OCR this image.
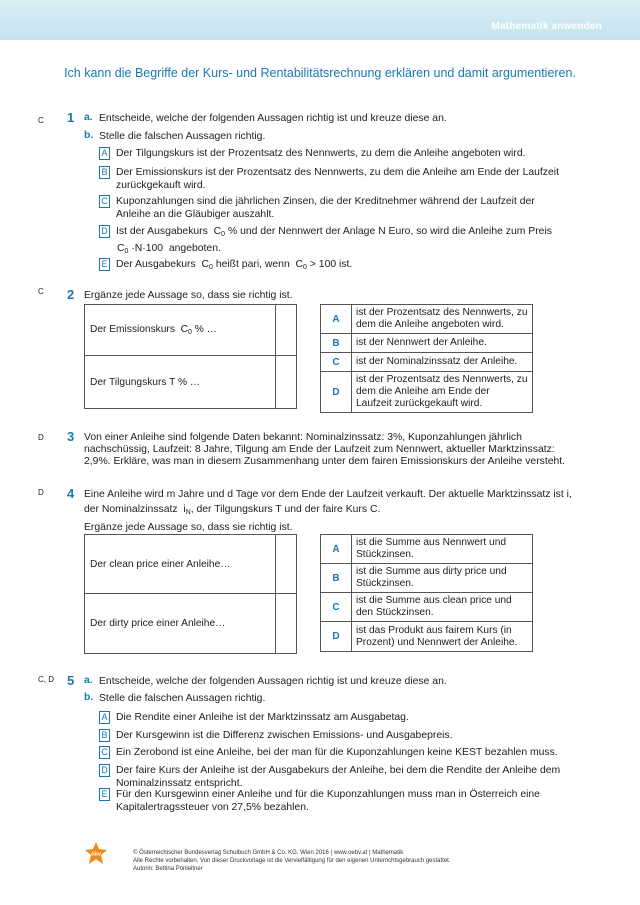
Mathematik anwenden
Ich kann die Begriffe der Kurs- und Rentabilitätsrechnung erklären und damit argumentieren.
C 1 a. Entscheide, welche der folgenden Aussagen richtig ist und kreuze diese an.
b. Stelle die falschen Aussagen richtig.
A Der Tilgungskurs ist der Prozentsatz des Nennwerts, zu dem die Anleihe angeboten wird.
B Der Emissionskurs ist der Prozentsatz des Nennwerts, zu dem die Anleihe am Ende der Laufzeit
zurückgekauft wird.
C Kuponzahlungen sind die jährlichen Zinsen, die der Kreditnehmer während der Laufzeit der
Anleihe an die Gläubiger auszahlt.
D Ist der Ausgabekurs C0 % und der Nennwert der Anlage N Euro, so wird die Anleihe zum Preis
C0 ·N·100 angeboten.
E Der Ausgabekurs C0 heißt pari, wenn C0 > 100 ist.
C 2 Ergänze jede Aussage so, dass sie richtig ist.
Der Emissionskurs C0 % …	
Der Tilgungskurs T % …	
A	ist der Prozentsatz des Nennwerts, zu
dem die Anleihe angeboten wird.
B	ist der Nennwert der Anleihe.
C	ist der Nominalzinssatz der Anleihe.
D	ist der Prozentsatz des Nennwerts, zu
dem die Anleihe am Ende der
Laufzeit zurückgekauft wird.
D 3 Von einer Anleihe sind folgende Daten bekannt: Nominalzinssatz: 3%, Kuponzahlungen jährlich
nachschüssig, Laufzeit: 8 Jahre, Tilgung am Ende der Laufzeit zum Nennwert, aktueller Marktzinssatz:
2,9%. Erkläre, was man in diesem Zusammenhang unter dem fairen Emissionskurs der Anleihe versteht.
D 4 Eine Anleihe wird m Jahre und d Tage vor dem Ende der Laufzeit verkauft. Der aktuelle Marktzinssatz ist i,
der Nominalzinssatz iN, der Tilgungskurs T und der faire Kurs C.
Ergänze jede Aussage so, dass sie richtig ist.
Der clean price einer Anleihe…	
Der dirty price einer Anleihe…	
A	ist die Summe aus Nennwert und
Stückzinsen.
B	ist die Summe aus dirty price und
Stückzinsen.
C	ist die Summe aus clean price und
den Stückzinsen.
D	ist das Produkt aus fairem Kurs (in
Prozent) und Nennwert der Anleihe.
C, D 5 a. Entscheide, welche der folgenden Aussagen richtig ist und kreuze diese an.
b. Stelle die falschen Aussagen richtig.
A Die Rendite einer Anleihe ist der Marktzinssatz am Ausgabetag.
B Der Kursgewinn ist die Differenz zwischen Emissions- und Ausgabepreis.
C Ein Zerobond ist eine Anleihe, bei der man für die Kuponzahlungen keine KEST bezahlen muss.
D Der faire Kurs der Anleihe ist der Ausgabekurs der Anleihe, bei dem die Rendite der Anleihe dem
Nominalzinssatz entspricht.
E Für den Kursgewinn einer Anleihe und für die Kuponzahlungen muss man in Österreich eine
Kapitalertragssteuer von 27,5% bezahlen.
öbv	© Österreichischer Bundesverlag Schulbuch GmbH & Co. KG, Wien 2016 | www.oebv.at | Mathematik
Alle Rechte vorbehalten. Von dieser Druckvorlage ist die Vervielfältigung für den eigenen Unterrichtsgebrauch gestattet.
Autorin: Bettina Ponleitner
